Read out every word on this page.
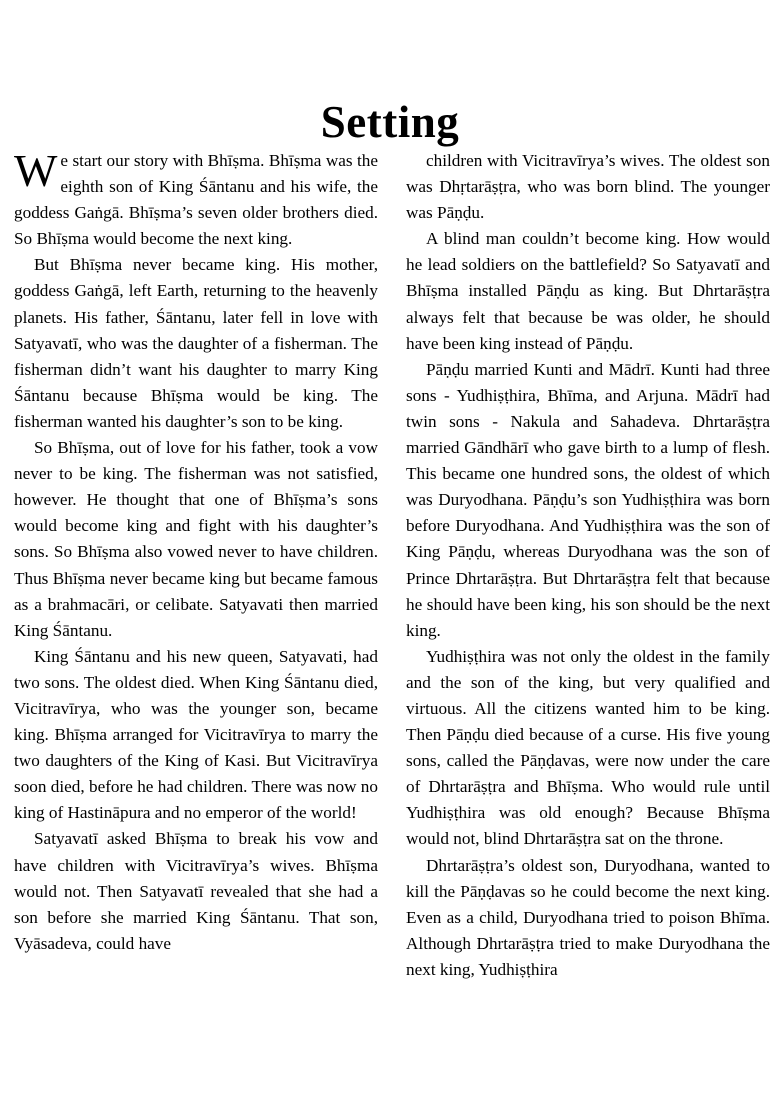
Setting

We start our story with Bhīṣma. Bhīṣma was the eighth son of King Śāntanu and his wife, the goddess Gaṅgā. Bhīṣma’s seven older brothers died. So Bhīṣma would become the next king.

But Bhīṣma never became king. His mother, goddess Gaṅgā, left Earth, returning to the heavenly planets. His father, Śāntanu, later fell in love with Satyavatī, who was the daughter of a fisherman. The fisherman didn’t want his daughter to marry King Śāntanu because Bhīṣma would be king. The fisherman wanted his daughter’s son to be king.

So Bhīṣma, out of love for his father, took a vow never to be king. The fisherman was not satisfied, however. He thought that one of Bhīṣma’s sons would become king and fight with his daughter’s sons. So Bhīṣma also vowed never to have children. Thus Bhīṣma never became king but became famous as a brahmacāri, or celibate. Satyavati then married King Śāntanu.

King Śāntanu and his new queen, Satyavati, had two sons. The oldest died. When King Śāntanu died, Vicitravīrya, who was the younger son, became king. Bhīṣma arranged for Vicitravīrya to marry the two daughters of the King of Kasi. But Vicitravīrya soon died, before he had children. There was now no king of Hastināpura and no emperor of the world!

Satyavatī asked Bhīṣma to break his vow and have children with Vicitravīrya’s wives. Bhīṣma would not. Then Satyavatī revealed that she had a son before she married King Śāntanu. That son, Vyāsadeva, could have

children with Vicitravīrya’s wives. The oldest son was Dhṛtarāṣṭra, who was born blind. The younger was Pāṇḍu.

A blind man couldn’t become king. How would he lead soldiers on the battlefield? So Satyavatī and Bhīṣma installed Pāṇḍu as king. But Dhrtarāṣṭra always felt that because be was older, he should have been king instead of Pāṇḍu.

Pāṇḍu married Kunti and Mādrī. Kunti had three sons - Yudhiṣṭhira, Bhīma, and Arjuna. Mādrī had twin sons - Nakula and Sahadeva. Dhrtarāṣṭra married Gāndhārī who gave birth to a lump of flesh. This became one hundred sons, the oldest of which was Duryodhana. Pāṇḍu’s son Yudhiṣṭhira was born before Duryodhana. And Yudhiṣṭhira was the son of King Pāṇḍu, whereas Duryodhana was the son of Prince Dhrtarāṣṭra. But Dhrtarāṣṭra felt that because he should have been king, his son should be the next king.

Yudhiṣṭhira was not only the oldest in the family and the son of the king, but very qualified and virtuous. All the citizens wanted him to be king. Then Pāṇḍu died because of a curse. His five young sons, called the Pāṇḍavas, were now under the care of Dhrtarāṣṭra and Bhīṣma. Who would rule until Yudhiṣṭhira was old enough? Because Bhīṣma would not, blind Dhrtarāṣṭra sat on the throne.

Dhrtarāṣṭra’s oldest son, Duryodhana, wanted to kill the Pāṇḍavas so he could become the next king. Even as a child, Duryodhana tried to poison Bhīma. Although Dhrtarāṣṭra tried to make Duryodhana the next king, Yudhiṣṭhira
